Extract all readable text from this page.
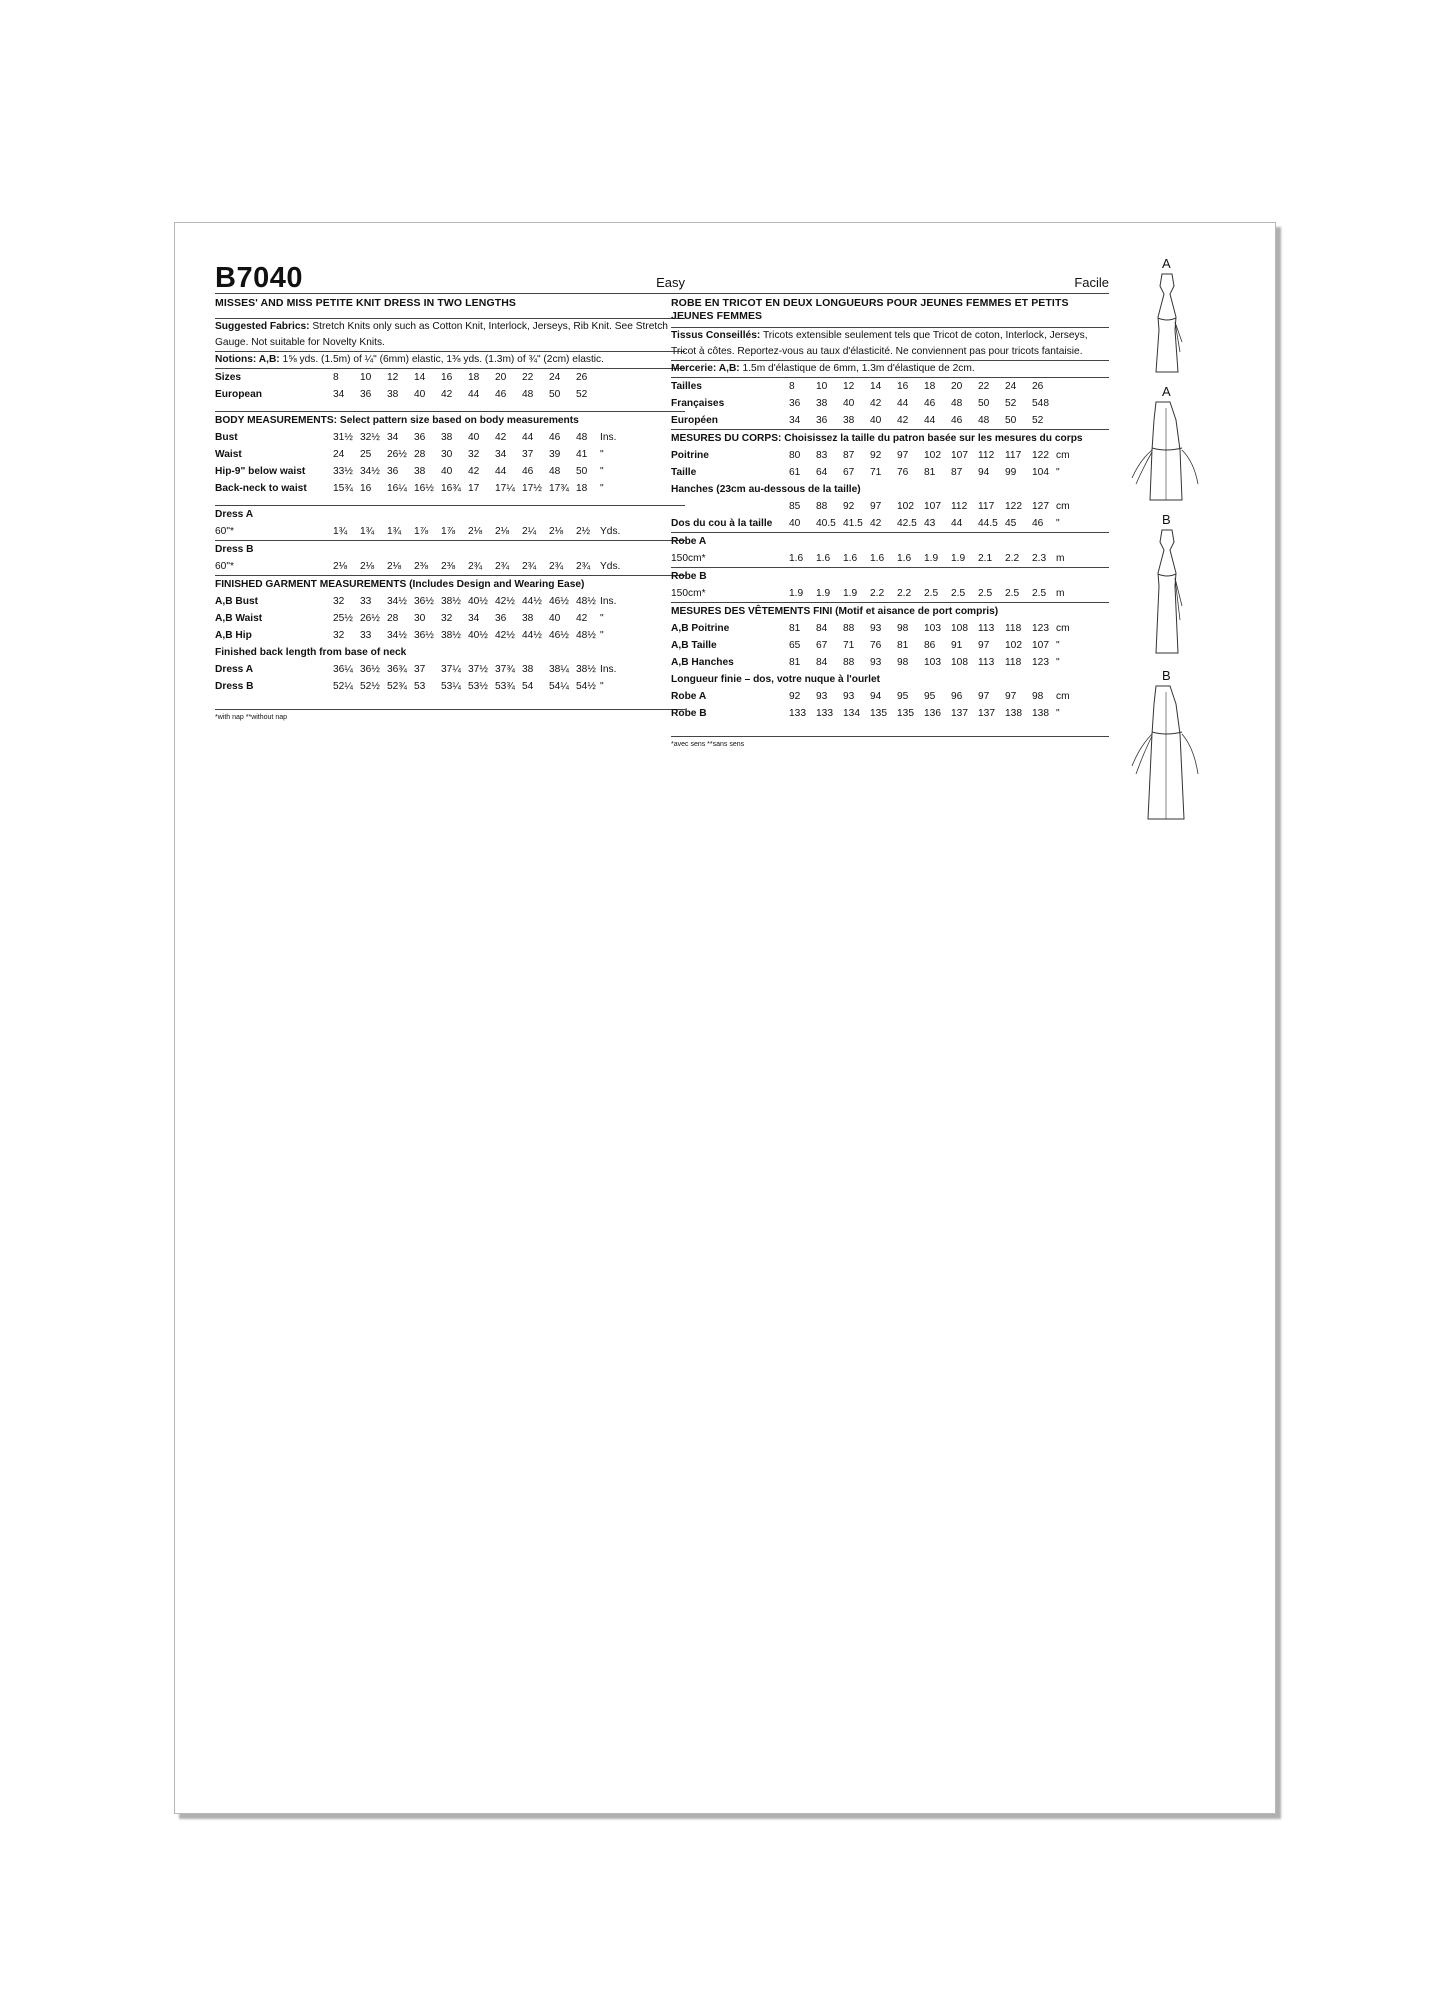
B7040	Easy
MISSES' AND MISS PETITE KNIT DRESS IN TWO LENGTHS
Suggested Fabrics: Stretch Knits only such as Cotton Knit, Interlock, Jerseys, Rib Knit. See Stretch Gauge. Not suitable for Novelty Knits.
Notions: A,B: 1⅝ yds. (1.5m) of ¼" (6mm) elastic, 1⅜ yds. (1.3m) of ¾" (2cm) elastic.
Sizes	8	10	12	14	16	18	20	22	24	26	
European	34	36	38	40	42	44	46	48	50	52	
BODY MEASUREMENTS: Select pattern size based on body measurements
Bust	31½	32½	34	36	38	40	42	44	46	48	Ins.
Waist	24	25	26½	28	30	32	34	37	39	41	"
Hip-9" below waist	33½	34½	36	38	40	42	44	46	48	50	"
Back-neck to waist	15¾	16	16¼	16½	16¾	17	17¼	17½	17¾	18	"
Dress A
60"*	1¾	1¾	1¾	1⅞	1⅞	2⅛	2⅛	2¼	2⅛	2½	Yds.
Dress B
60"*	2⅛	2⅛	2⅛	2⅜	2⅜	2¾	2¾	2¾	2¾	2¾	Yds.
FINISHED GARMENT MEASUREMENTS (Includes Design and Wearing Ease)
A,B Bust	32	33	34½	36½	38½	40½	42½	44½	46½	48½	Ins.
A,B Waist	25½	26½	28	30	32	34	36	38	40	42	"
A,B Hip	32	33	34½	36½	38½	40½	42½	44½	46½	48½	"
Finished back length from base of neck
Dress A	36¼	36½	36¾	37	37¼	37½	37¾	38	38¼	38½	Ins.
Dress B	52¼	52½	52¾	53	53¼	53½	53¾	54	54¼	54½	"
*with nap **without nap
Facile
ROBE EN TRICOT EN DEUX LONGUEURS POUR JEUNES FEMMES ET PETITS JEUNES FEMMES
Tissus Conseillés: Tricots extensible seulement tels que Tricot de coton, Interlock, Jerseys, Tricot à côtes. Reportez-vous au taux d'élasticité. Ne conviennent pas pour tricots fantaisie.
Mercerie: A,B: 1.5m d'élastique de 6mm, 1.3m d'élastique de 2cm.
Tailles	8	10	12	14	16	18	20	22	24	26	
Françaises	36	38	40	42	44	46	48	50	52	548	
Européen	34	36	38	40	42	44	46	48	50	52	
MESURES DU CORPS: Choisissez la taille du patron basée sur les mesures du corps
Poitrine	80	83	87	92	97	102	107	112	117	122	cm
Taille	61	64	67	71	76	81	87	94	99	104	"
Hanches (23cm au-dessous de la taille)
	85	88	92	97	102	107	112	117	122	127	cm
Dos du cou à la taille	40	40.5	41.5	42	42.5	43	44	44.5	45	46	"
Robe A
150cm*	1.6	1.6	1.6	1.6	1.6	1.9	1.9	2.1	2.2	2.3	m
Robe B
150cm*	1.9	1.9	1.9	2.2	2.2	2.5	2.5	2.5	2.5	2.5	m
MESURES DES VÊTEMENTS FINI (Motif et aisance de port compris)
A,B Poitrine	81	84	88	93	98	103	108	113	118	123	cm
A,B Taille	65	67	71	76	81	86	91	97	102	107	"
A,B Hanches	81	84	88	93	98	103	108	113	118	123	"
Longueur finie – dos, votre nuque à l'ourlet
Robe A	92	93	93	94	95	95	96	97	97	98	cm
Robe B	133	133	134	135	135	136	137	137	138	138	"
*avec sens **sans sens
A
A
B
B
